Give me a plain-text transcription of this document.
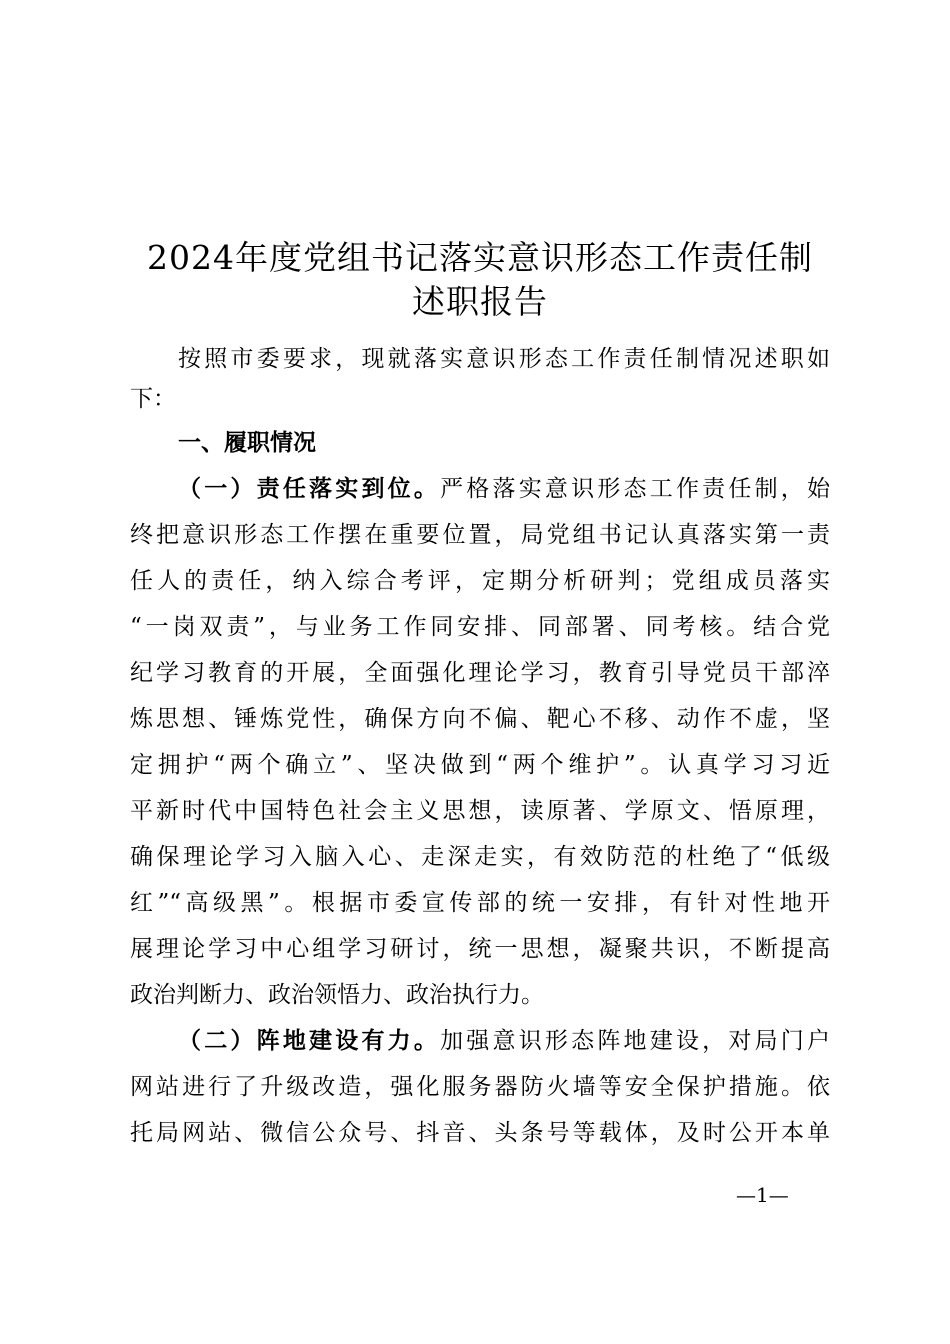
2024年度党组书记落实意识形态工作责任制
述职报告
按照市委要求，现就落实意识形态工作责任制情况述职如
下：
一、履职情况
（一）责任落实到位。严格落实意识形态工作责任制，始
终把意识形态工作摆在重要位置，局党组书记认真落实第一责
任人的责任，纳入综合考评，定期分析研判；党组成员落实
“一岗双责”，与业务工作同安排、同部署、同考核。结合党
纪学习教育的开展，全面强化理论学习，教育引导党员干部淬
炼思想、锤炼党性，确保方向不偏、靶心不移、动作不虚，坚
定拥护“两个确立”、坚决做到“两个维护”。认真学习习近
平新时代中国特色社会主义思想，读原著、学原文、悟原理，
确保理论学习入脑入心、走深走实，有效防范的杜绝了“低级
红”“高级黑”。根据市委宣传部的统一安排，有针对性地开
展理论学习中心组学习研讨，统一思想，凝聚共识，不断提高
政治判断力、政治领悟力、政治执行力。
（二）阵地建设有力。加强意识形态阵地建设，对局门户
网站进行了升级改造，强化服务器防火墙等安全保护措施。依
托局网站、微信公众号、抖音、头条号等载体，及时公开本单
—1—
